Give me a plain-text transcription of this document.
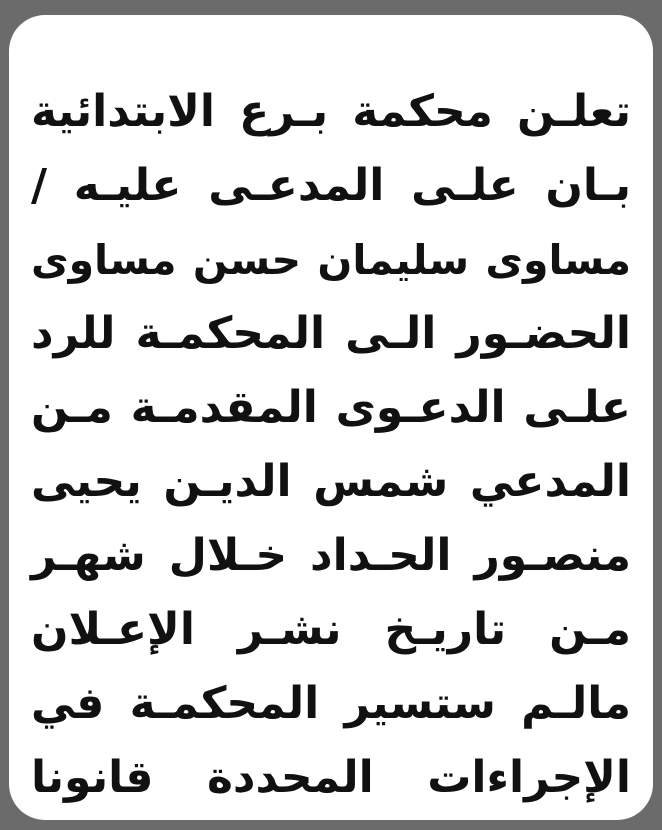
تعلـن محكمة بـرع الابتدائية
بـان علـى المدعـى عليـه /
مساوى سليمان حسن مساوى
الحضـور الـى المحكمـة للرد
علـى الدعـوى المقدمـة مـن
المدعي شمس الديـن يحيى
منصـور الحـداد خـلال شهـر
مـن تاريـخ نشـر الإعـلان
مالـم ستسير المحكمـة في
الإجراءات المحددة قانونا
